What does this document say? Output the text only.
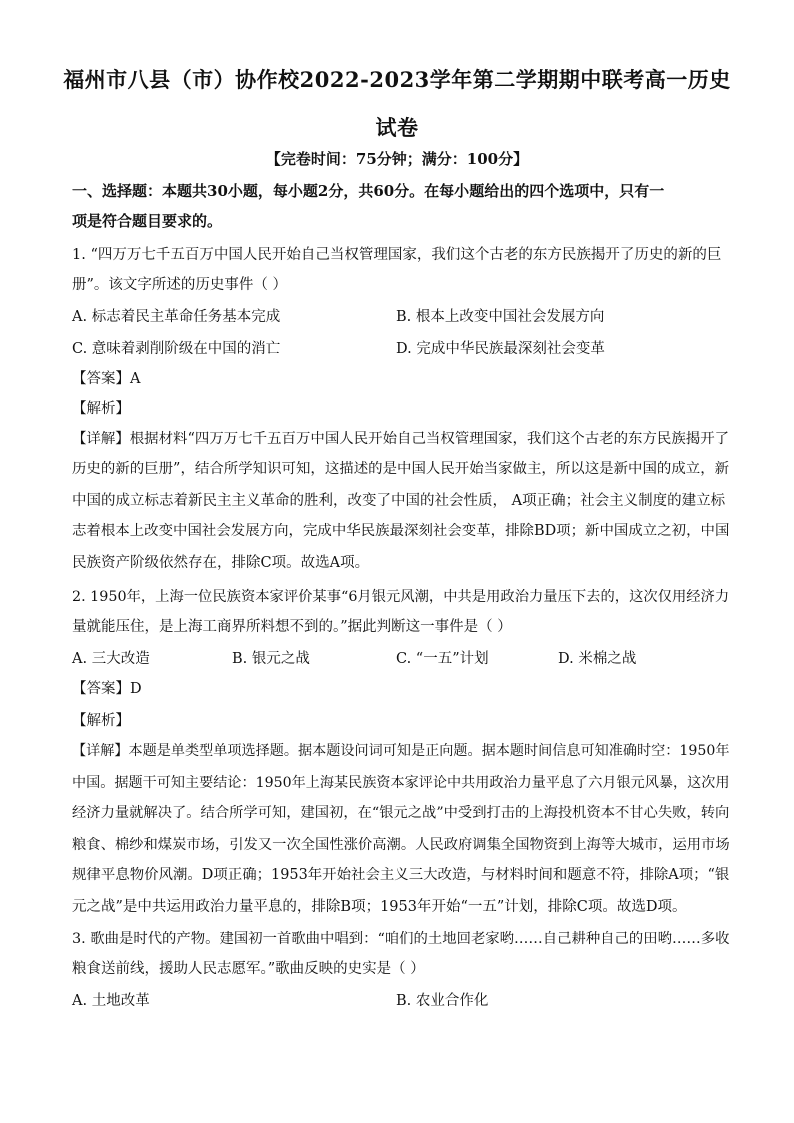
福州市八县（市）协作校2022-2023学年第二学期期中联考高一历史
试卷
【完卷时间：75分钟；满分：100分】
一、选择题：本题共30小题，每小题2分，共60分。在每小题给出的四个选项中，只有一
项是符合题目要求的。
1. “四万万七千五百万中国人民开始自己当权管理国家，我们这个古老的东方民族揭开了历史的新的巨
册”。该文字所述的历史事件（ ）
A. 标志着民主革命任务基本完成	B. 根本上改变中国社会发展方向
C. 意味着剥削阶级在中国的消亡	D. 完成中华民族最深刻社会变革
【答案】A
【解析】
【详解】根据材料“四万万七千五百万中国人民开始自己当权管理国家，我们这个古老的东方民族揭开了
历史的新的巨册”，结合所学知识可知，这描述的是中国人民开始当家做主，所以这是新中国的成立，新
中国的成立标志着新民主主义革命的胜利，改变了中国的社会性质， A项正确；社会主义制度的建立标
志着根本上改变中国社会发展方向，完成中华民族最深刻社会变革，排除BD项；新中国成立之初，中国
民族资产阶级依然存在，排除C项。故选A项。
2. 1950年，上海一位民族资本家评价某事“6月银元风潮，中共是用政治力量压下去的，这次仅用经济力
量就能压住，是上海工商界所料想不到的。”据此判断这一事件是（ ）
A. 三大改造	B. 银元之战	C. “一五”计划	D. 米棉之战
【答案】D
【解析】
【详解】本题是单类型单项选择题。据本题设问词可知是正向题。据本题时间信息可知准确时空：1950年
中国。据题干可知主要结论：1950年上海某民族资本家评论中共用政治力量平息了六月银元风暴，这次用
经济力量就解决了。结合所学可知，建国初，在“银元之战”中受到打击的上海投机资本不甘心失败，转向
粮食、棉纱和煤炭市场，引发又一次全国性涨价高潮。人民政府调集全国物资到上海等大城市，运用市场
规律平息物价风潮。D项正确；1953年开始社会主义三大改造，与材料时间和题意不符，排除A项；“银
元之战”是中共运用政治力量平息的，排除B项；1953年开始“一五”计划，排除C项。故选D项。
3. 歌曲是时代的产物。建国初一首歌曲中唱到：“咱们的土地回老家哟……自己耕种自己的田哟……多收
粮食送前线，援助人民志愿军。”歌曲反映的史实是（ ）
A. 土地改革	B. 农业合作化
